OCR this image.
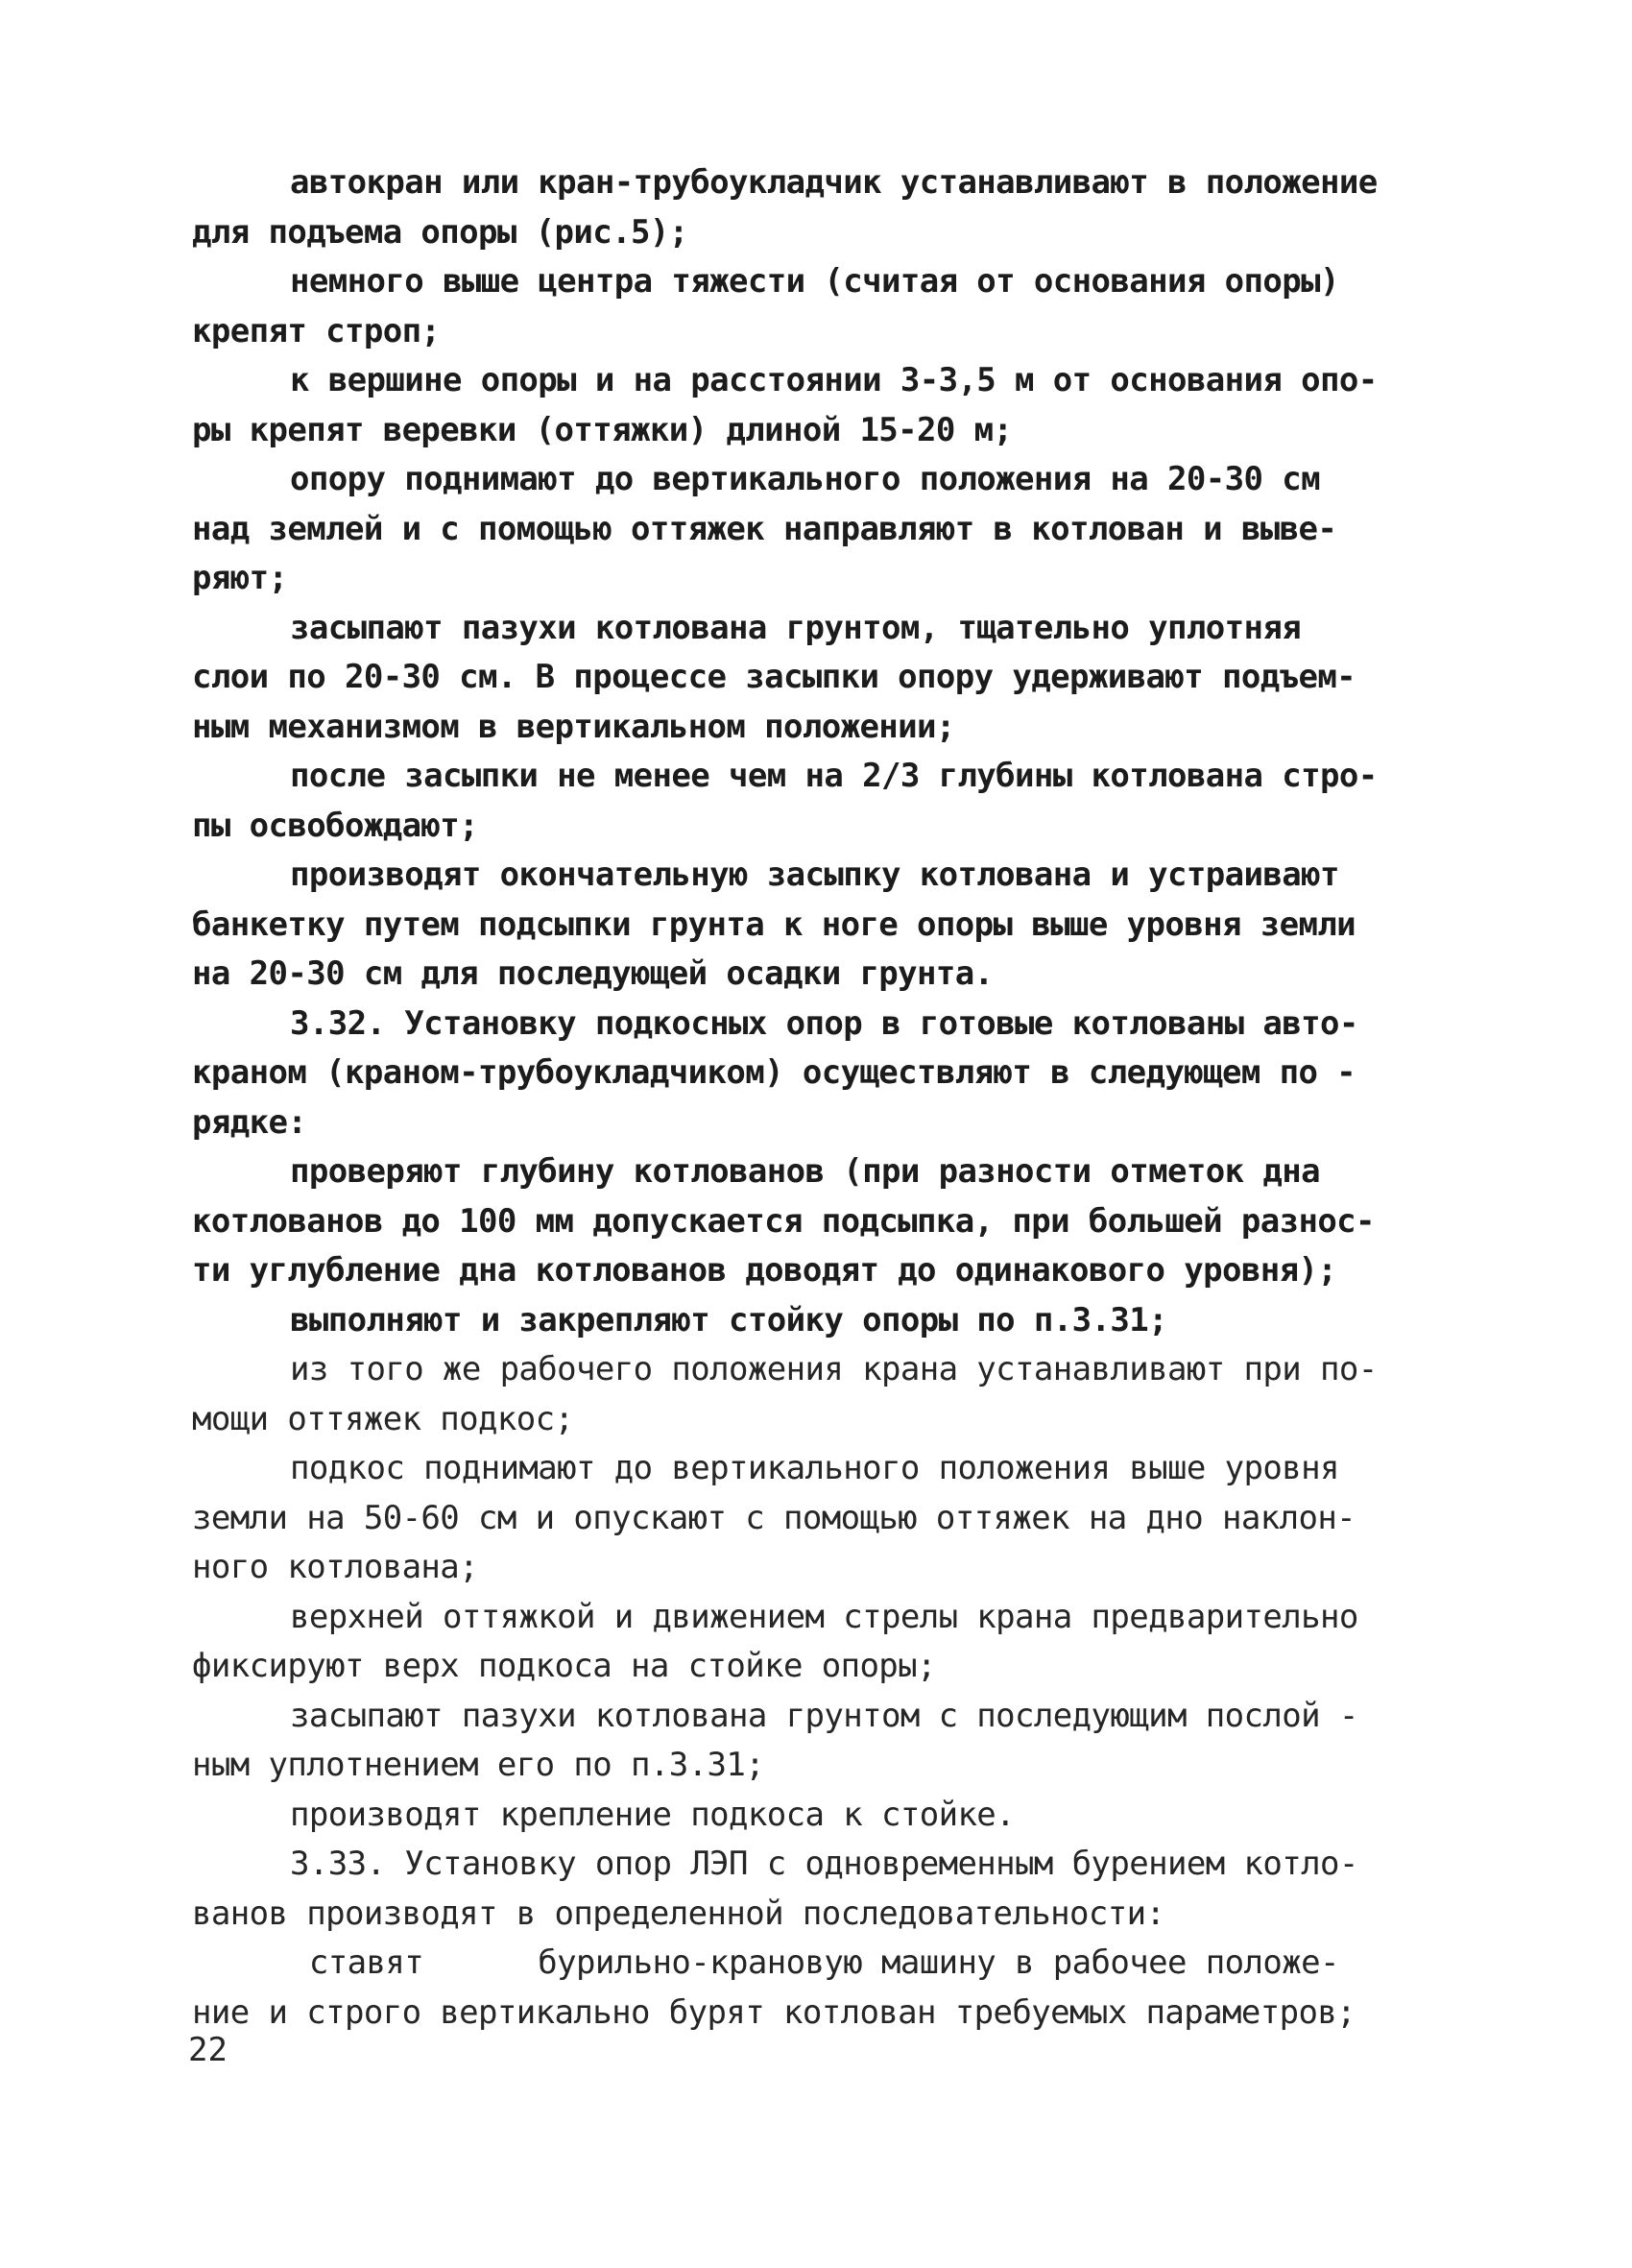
автокран или кран-трубоукладчик устанавливают в положение
для подъема опоры (рис.5);
немного выше центра тяжести (считая от основания опоры)
крепят строп;
к вершине опоры и на расстоянии 3-3,5 м от основания опо-
ры крепят веревки (оттяжки) длиной 15-20 м;
опору поднимают до вертикального положения на 20-30 см
над землей и с помощью оттяжек направляют в котлован и выве-
ряют;
засыпают пазухи котлована грунтом, тщательно уплотняя
слои по 20-30 см. В процессе засыпки опору удерживают подъем-
ным механизмом в вертикальном положении;
после засыпки не менее чем на 2/3 глубины котлована стро-
пы освобождают;
производят окончательную засыпку котлована и устраивают
банкетку путем подсыпки грунта к ноге опоры выше уровня земли
на 20-30 см для последующей осадки грунта.
3.32. Установку подкосных опор в готовые котлованы авто-
краном (краном-трубоукладчиком) осуществляют в следующем по -
рядке:
проверяют глубину котлованов (при разности отметок дна
котлованов до 100 мм допускается подсыпка, при большей разнос-
ти углубление дна котлованов доводят до одинакового уровня);
выполняют и закрепляют стойку опоры по п.3.31;
из того же рабочего положения крана устанавливают при по-
мощи оттяжек подкос;
подкос поднимают до вертикального положения выше уровня
земли на 50-60 см и опускают с помощью оттяжек на дно наклон-
ного котлована;
верхней оттяжкой и движением стрелы крана предварительно
фиксируют верх подкоса на стойке опоры;
засыпают пазухи котлована грунтом с последующим послой -
ным уплотнением его по п.3.31;
производят крепление подкоса к стойке.
3.33. Установку опор ЛЭП с одновременным бурением котло-
ванов производят в определенной последовательности:
ставят      бурильно-крановую машину в рабочее положе-
ние и строго вертикально бурят котлован требуемых параметров;
22
